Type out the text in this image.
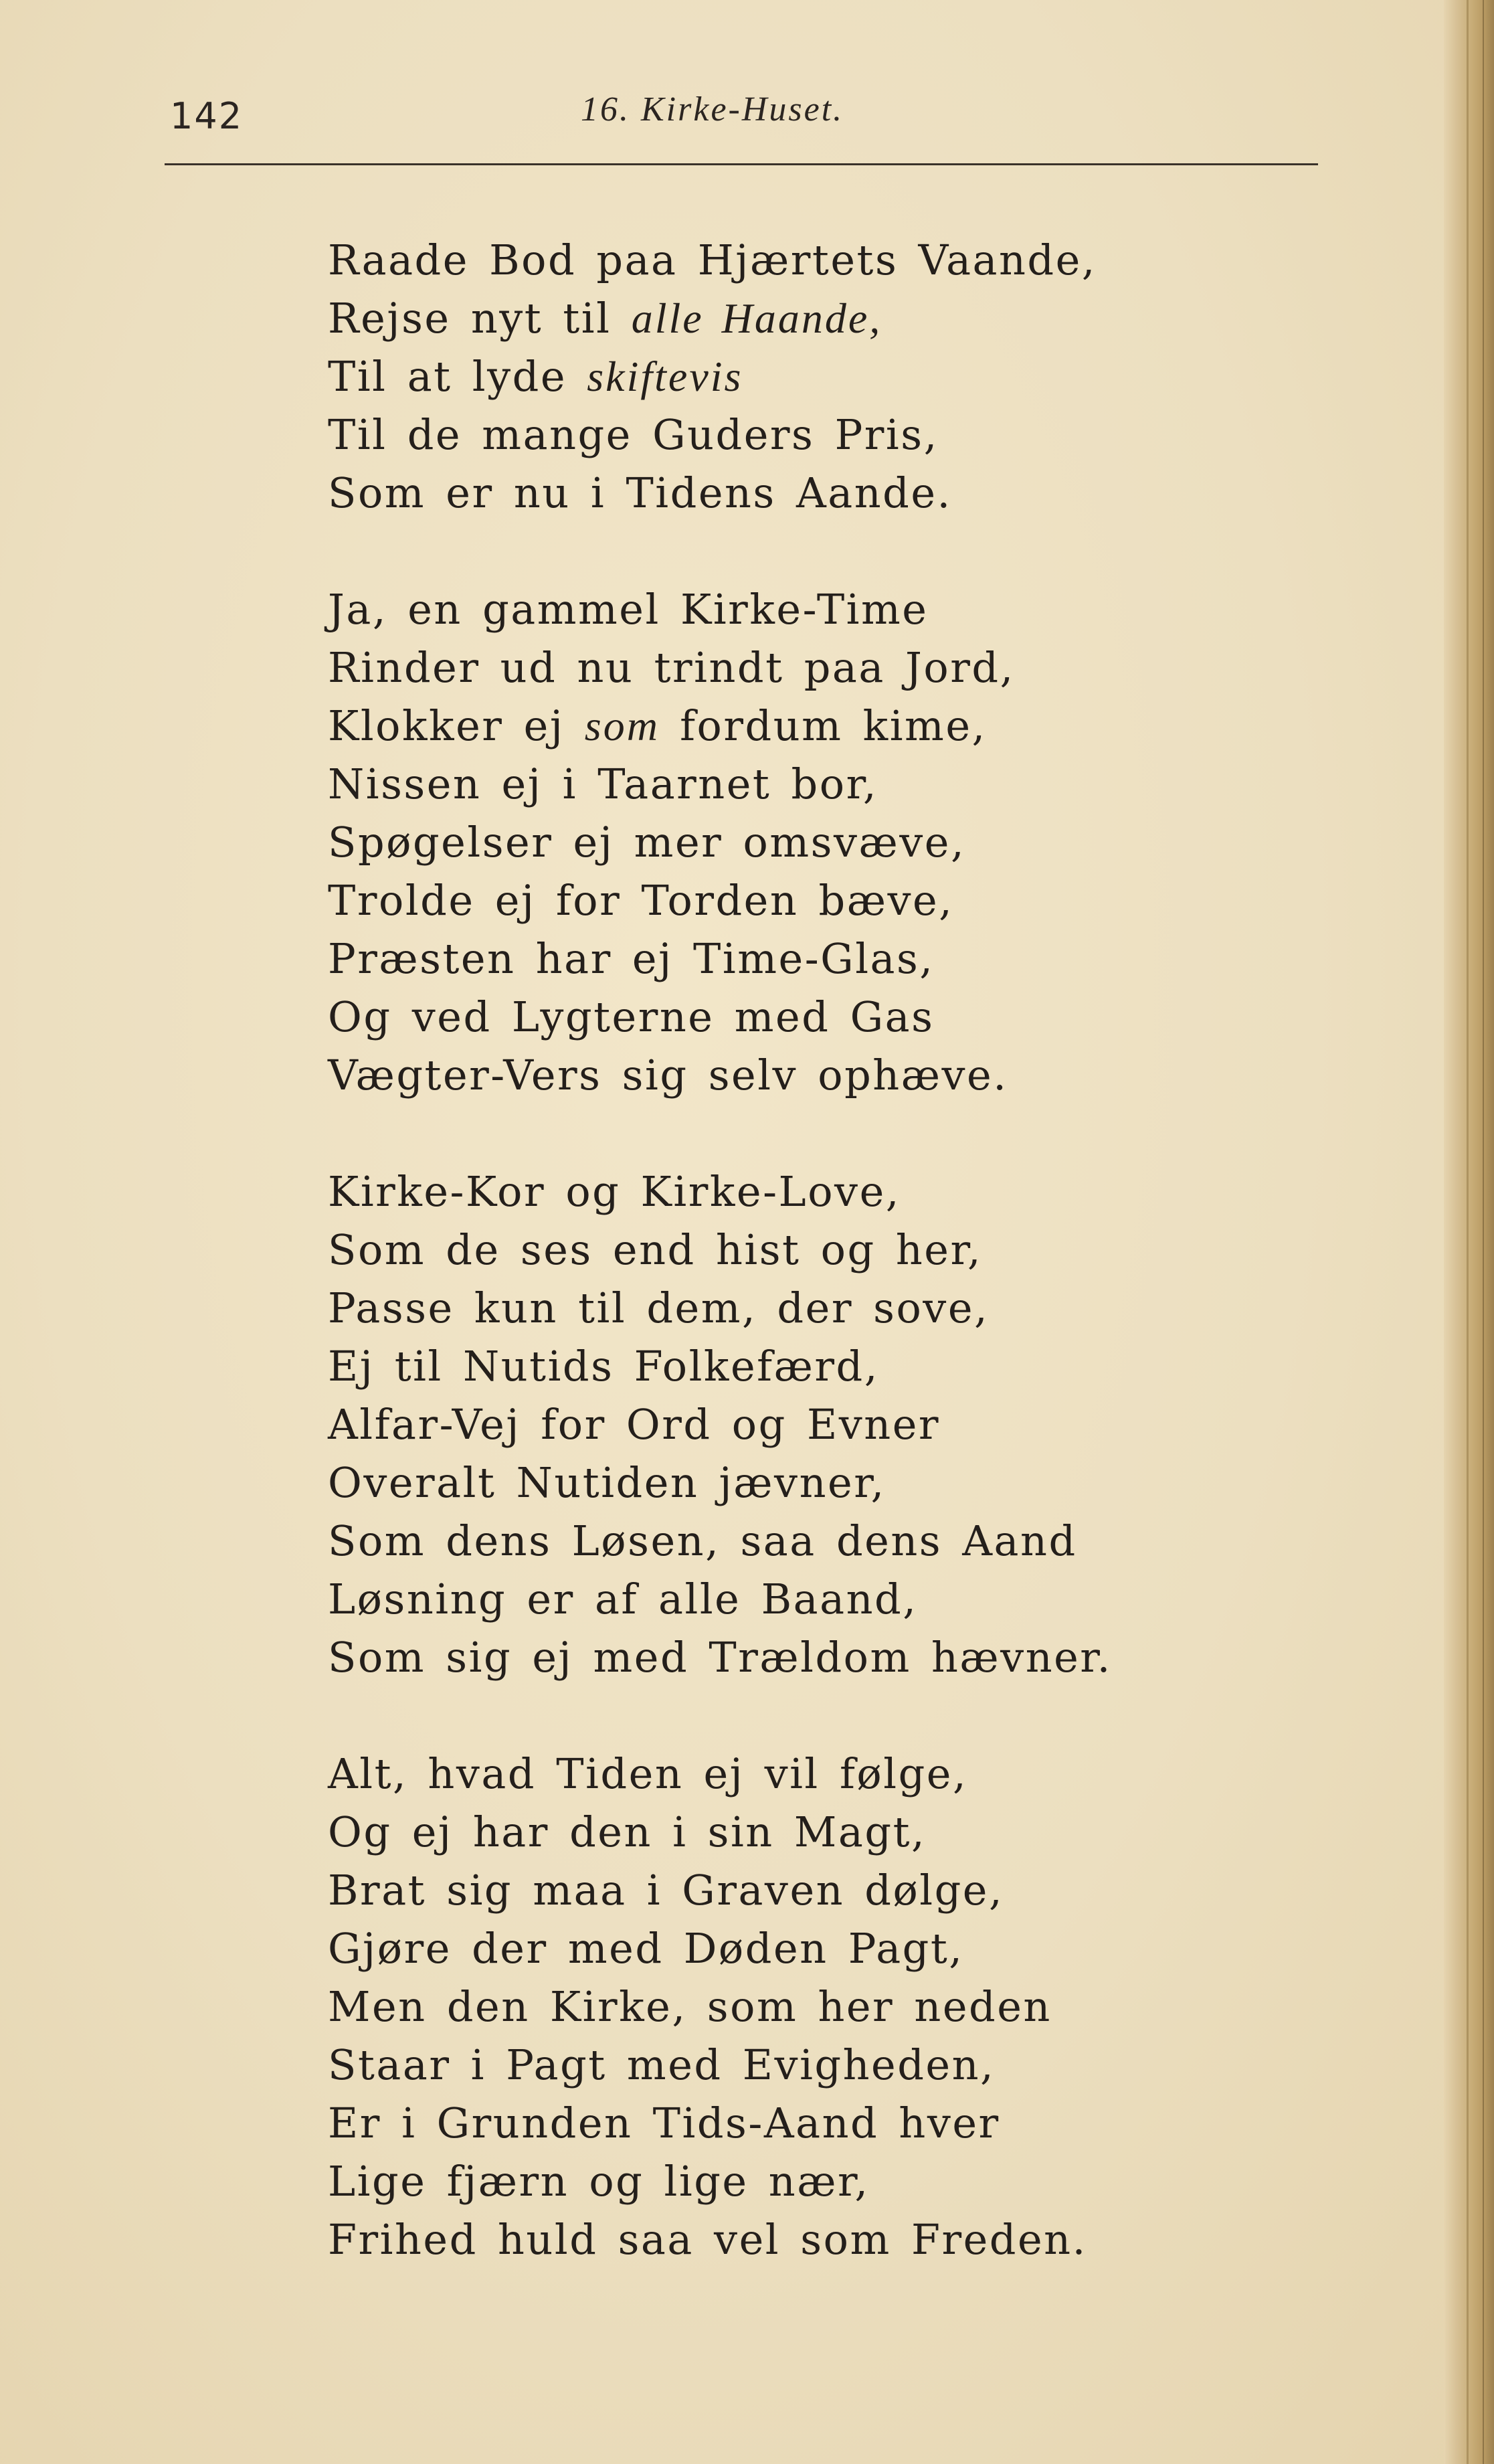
142	16. Kirke-Huset.
Raade Bod paa Hjærtets Vaande,
Rejse nyt til alle Haande,
Til at lyde skiftevis
Til de mange Guders Pris,
Som er nu i Tidens Aande.
Ja, en gammel Kirke-Time
Rinder ud nu trindt paa Jord,
Klokker ej som fordum kime,
Nissen ej i Taarnet bor,
Spøgelser ej mer omsvæve,
Trolde ej for Torden bæve,
Præsten har ej Time-Glas,
Og ved Lygterne med Gas
Vægter-Vers sig selv ophæve.
Kirke-Kor og Kirke-Love,
Som de ses end hist og her,
Passe kun til dem, der sove,
Ej til Nutids Folkefærd,
Alfar-Vej for Ord og Evner
Overalt Nutiden jævner,
Som dens Løsen, saa dens Aand
Løsning er af alle Baand,
Som sig ej med Trældom hævner.
Alt, hvad Tiden ej vil følge,
Og ej har den i sin Magt,
Brat sig maa i Graven dølge,
Gjøre der med Døden Pagt,
Men den Kirke, som her neden
Staar i Pagt med Evigheden,
Er i Grunden Tids-Aand hver
Lige fjærn og lige nær,
Frihed huld saa vel som Freden.
